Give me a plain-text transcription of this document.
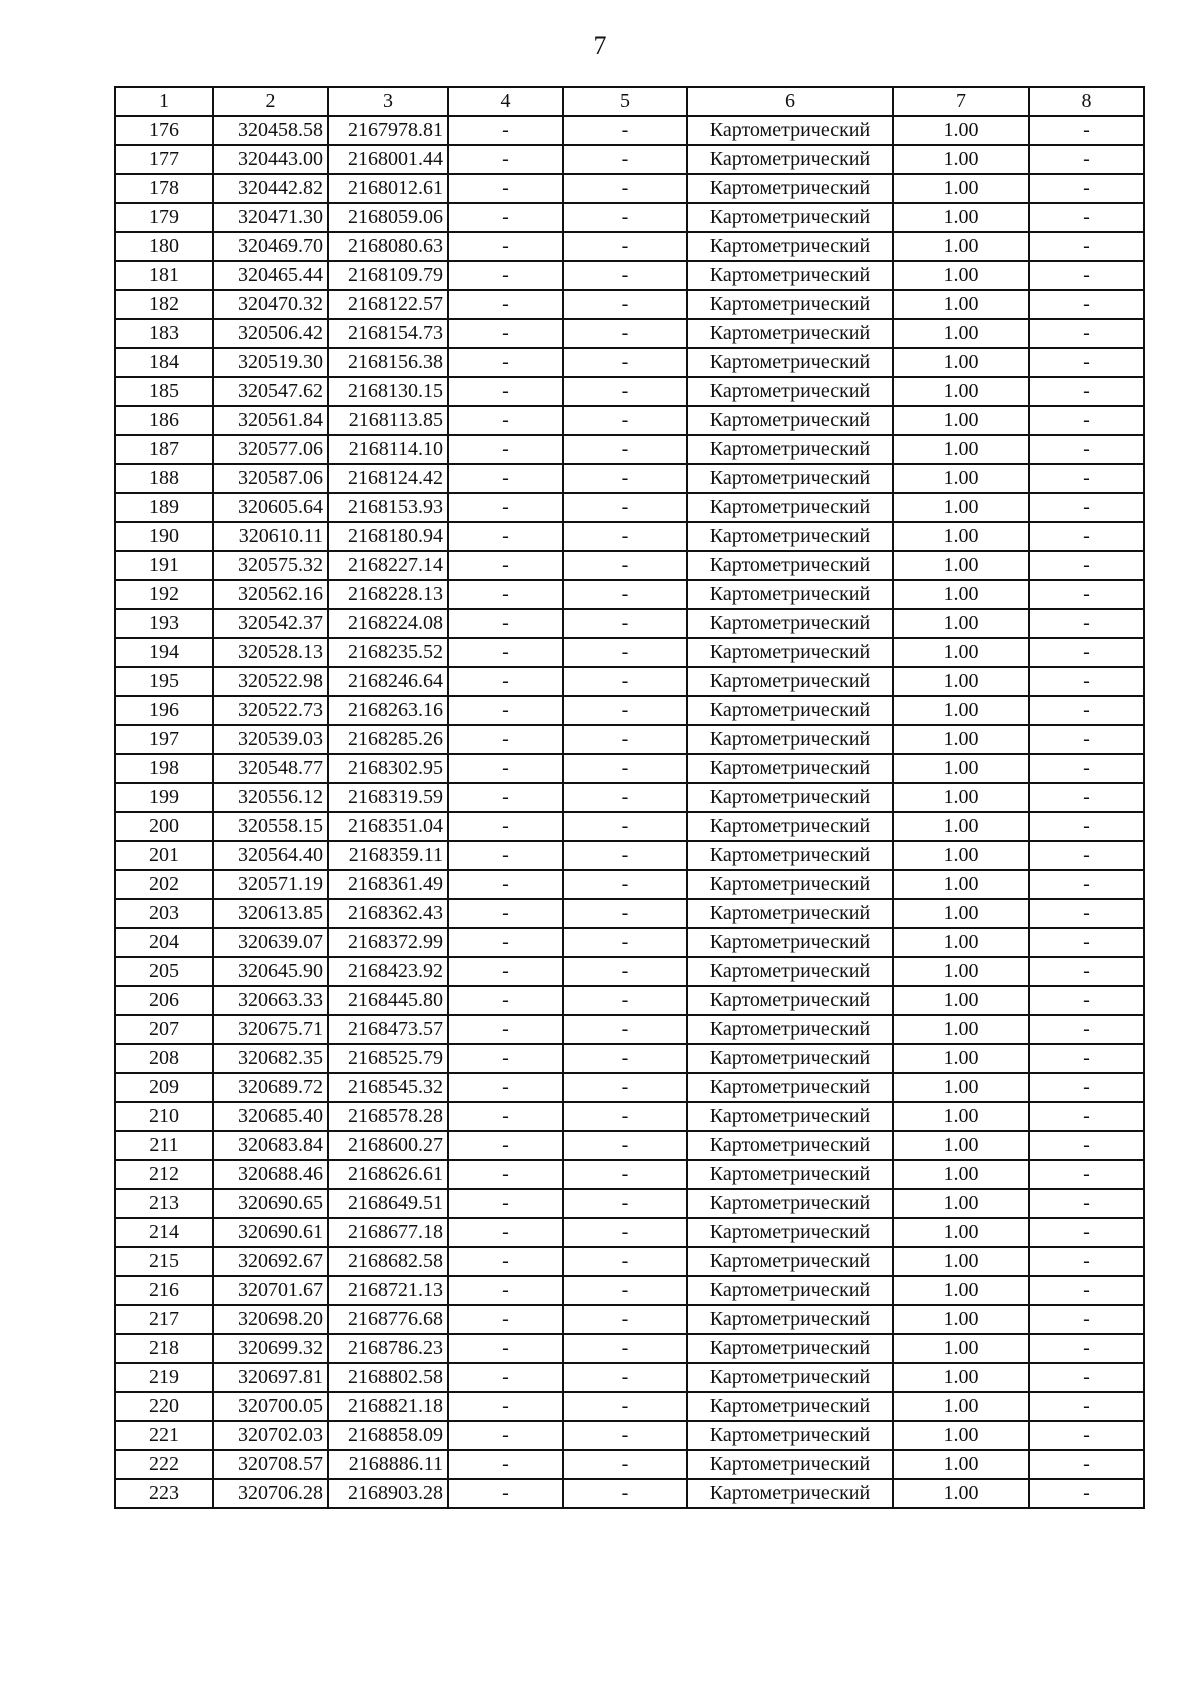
7
1	2	3	4	5	6	7	8
176	320458.58	2167978.81	-	-	Картометрический	1.00	-
177	320443.00	2168001.44	-	-	Картометрический	1.00	-
178	320442.82	2168012.61	-	-	Картометрический	1.00	-
179	320471.30	2168059.06	-	-	Картометрический	1.00	-
180	320469.70	2168080.63	-	-	Картометрический	1.00	-
181	320465.44	2168109.79	-	-	Картометрический	1.00	-
182	320470.32	2168122.57	-	-	Картометрический	1.00	-
183	320506.42	2168154.73	-	-	Картометрический	1.00	-
184	320519.30	2168156.38	-	-	Картометрический	1.00	-
185	320547.62	2168130.15	-	-	Картометрический	1.00	-
186	320561.84	2168113.85	-	-	Картометрический	1.00	-
187	320577.06	2168114.10	-	-	Картометрический	1.00	-
188	320587.06	2168124.42	-	-	Картометрический	1.00	-
189	320605.64	2168153.93	-	-	Картометрический	1.00	-
190	320610.11	2168180.94	-	-	Картометрический	1.00	-
191	320575.32	2168227.14	-	-	Картометрический	1.00	-
192	320562.16	2168228.13	-	-	Картометрический	1.00	-
193	320542.37	2168224.08	-	-	Картометрический	1.00	-
194	320528.13	2168235.52	-	-	Картометрический	1.00	-
195	320522.98	2168246.64	-	-	Картометрический	1.00	-
196	320522.73	2168263.16	-	-	Картометрический	1.00	-
197	320539.03	2168285.26	-	-	Картометрический	1.00	-
198	320548.77	2168302.95	-	-	Картометрический	1.00	-
199	320556.12	2168319.59	-	-	Картометрический	1.00	-
200	320558.15	2168351.04	-	-	Картометрический	1.00	-
201	320564.40	2168359.11	-	-	Картометрический	1.00	-
202	320571.19	2168361.49	-	-	Картометрический	1.00	-
203	320613.85	2168362.43	-	-	Картометрический	1.00	-
204	320639.07	2168372.99	-	-	Картометрический	1.00	-
205	320645.90	2168423.92	-	-	Картометрический	1.00	-
206	320663.33	2168445.80	-	-	Картометрический	1.00	-
207	320675.71	2168473.57	-	-	Картометрический	1.00	-
208	320682.35	2168525.79	-	-	Картометрический	1.00	-
209	320689.72	2168545.32	-	-	Картометрический	1.00	-
210	320685.40	2168578.28	-	-	Картометрический	1.00	-
211	320683.84	2168600.27	-	-	Картометрический	1.00	-
212	320688.46	2168626.61	-	-	Картометрический	1.00	-
213	320690.65	2168649.51	-	-	Картометрический	1.00	-
214	320690.61	2168677.18	-	-	Картометрический	1.00	-
215	320692.67	2168682.58	-	-	Картометрический	1.00	-
216	320701.67	2168721.13	-	-	Картометрический	1.00	-
217	320698.20	2168776.68	-	-	Картометрический	1.00	-
218	320699.32	2168786.23	-	-	Картометрический	1.00	-
219	320697.81	2168802.58	-	-	Картометрический	1.00	-
220	320700.05	2168821.18	-	-	Картометрический	1.00	-
221	320702.03	2168858.09	-	-	Картометрический	1.00	-
222	320708.57	2168886.11	-	-	Картометрический	1.00	-
223	320706.28	2168903.28	-	-	Картометрический	1.00	-
